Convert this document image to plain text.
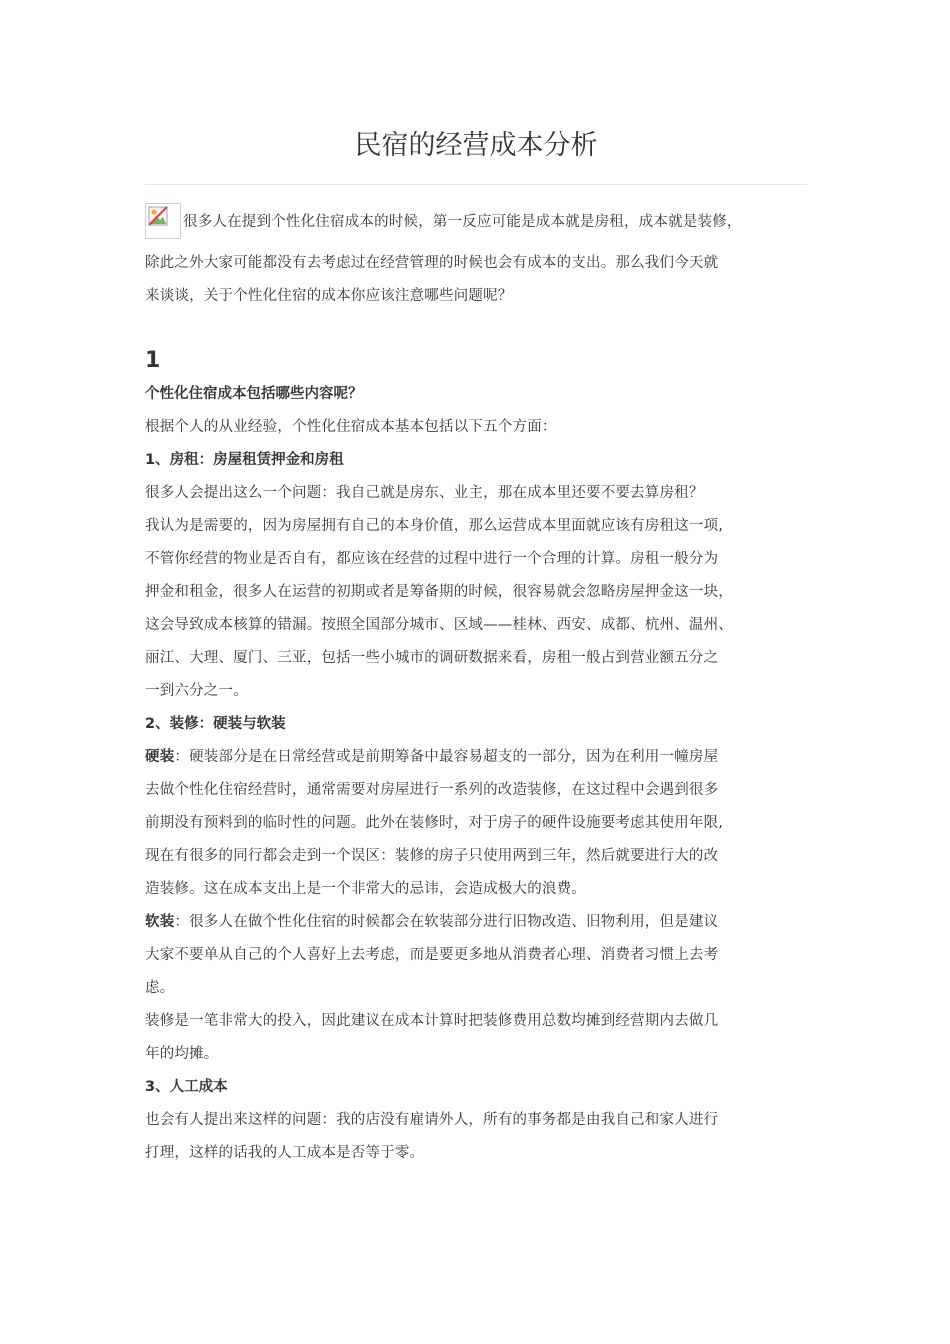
民宿的经营成本分析

很多人在提到个性化住宿成本的时候，第一反应可能是成本就是房租，成本就是装修，

除此之外大家可能都没有去考虑过在经营管理的时候也会有成本的支出。那么我们今天就

来谈谈，关于个性化住宿的成本你应该注意哪些问题呢？

1

个性化住宿成本包括哪些内容呢？

根据个人的从业经验，个性化住宿成本基本包括以下五个方面：

1、房租：房屋租赁押金和房租

很多人会提出这么一个问题：我自己就是房东、业主，那在成本里还要不要去算房租？

我认为是需要的，因为房屋拥有自己的本身价值，那么运营成本里面就应该有房租这一项,

不管你经营的物业是否自有，都应该在经营的过程中进行一个合理的计算。房租一般分为

押金和租金，很多人在运营的初期或者是筹备期的时候，很容易就会忽略房屋押金这一块，

这会导致成本核算的错漏。按照全国部分城市、区域——桂林、西安、成都、杭州、温州、

丽江、大理、厦门、三亚，包括一些小城市的调研数据来看，房租一般占到营业额五分之

一到六分之一。

2、装修：硬装与软装

硬装：硬装部分是在日常经营或是前期筹备中最容易超支的一部分，因为在利用一幢房屋

去做个性化住宿经营时，通常需要对房屋进行一系列的改造装修，在这过程中会遇到很多

前期没有预料到的临时性的问题。此外在装修时，对于房子的硬件设施要考虑其使用年限,

现在有很多的同行都会走到一个误区：装修的房子只使用两到三年，然后就要进行大的改

造装修。这在成本支出上是一个非常大的忌讳，会造成极大的浪费。

软装：很多人在做个性化住宿的时候都会在软装部分进行旧物改造、旧物利用，但是建议

大家不要单从自己的个人喜好上去考虑，而是要更多地从消费者心理、消费者习惯上去考

虑。

装修是一笔非常大的投入，因此建议在成本计算时把装修费用总数均摊到经营期内去做几

年的均摊。

3、人工成本

也会有人提出来这样的问题：我的店没有雇请外人，所有的事务都是由我自己和家人进行

打理，这样的话我的人工成本是否等于零。
